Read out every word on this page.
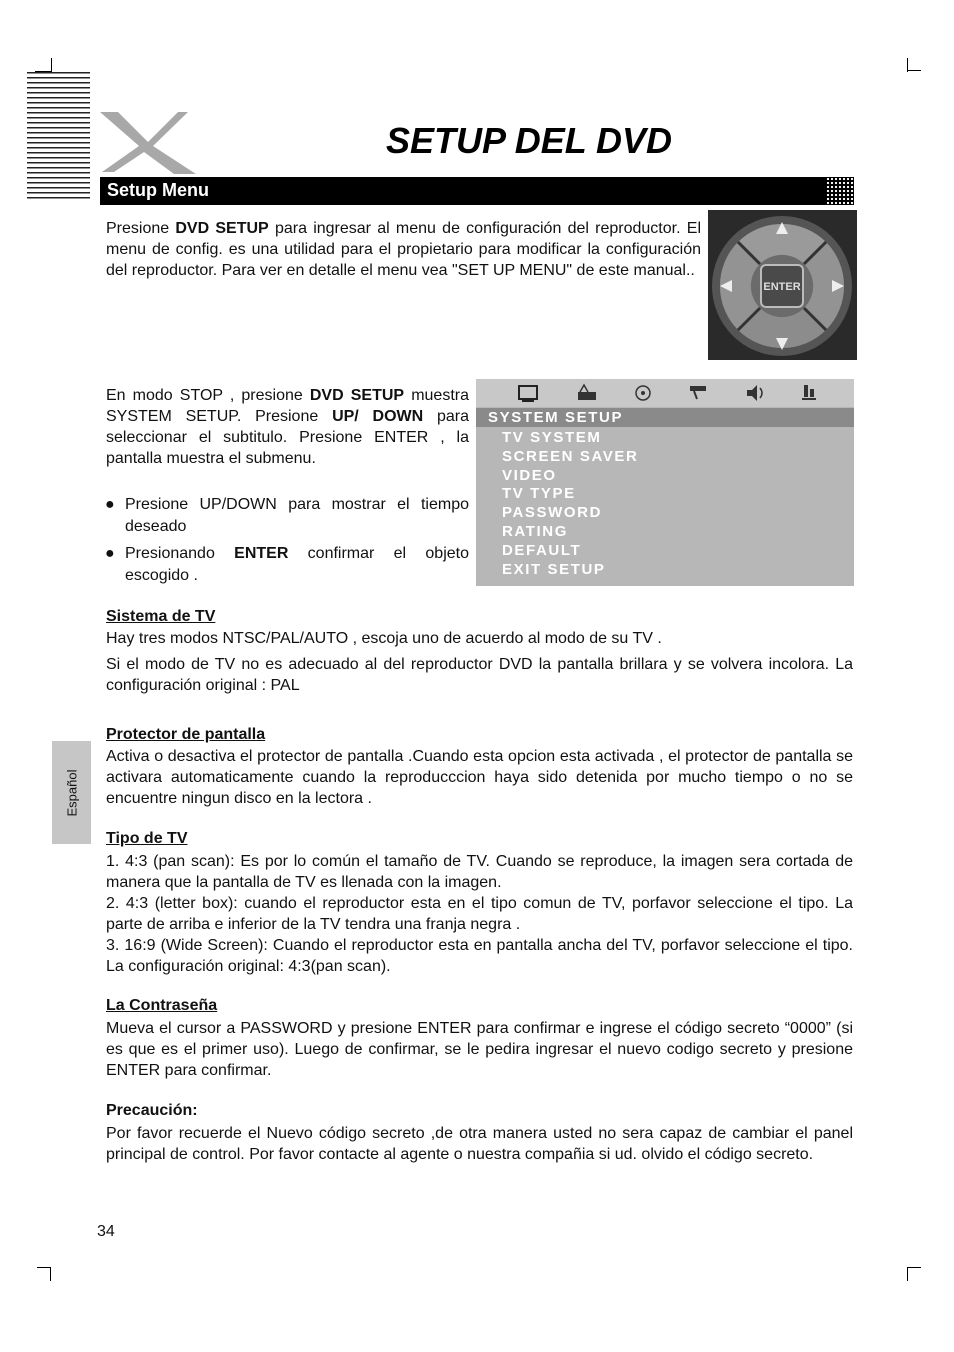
SETUP DEL DVD
Setup Menu
Presione DVD SETUP para ingresar al menu de configuración del reproductor. El menu de config. es una utilidad para el propietario para modificar la configuración del reproductor. Para ver en detalle el menu vea "SET UP MENU" de este manual..
ENTER
En modo STOP , presione DVD SETUP muestra SYSTEM SETUP. Presione UP/ DOWN para seleccionar el subtitulo. Presione ENTER , la pantalla muestra el submenu.
● Presione UP/DOWN para mostrar el tiempo deseado
● Presionando ENTER confirmar el objeto escogido .
SYSTEM SETUP
TV SYSTEM
SCREEN SAVER
VIDEO
TV TYPE
PASSWORD
RATING
DEFAULT
EXIT SETUP
Sistema de TV
Hay tres modos NTSC/PAL/AUTO , escoja uno de acuerdo al modo de su TV .
Si el modo de TV no es adecuado al del reproductor DVD la pantalla brillara y se volvera incolora. La configuración original : PAL
Protector de pantalla
Activa o desactiva el protector de pantalla .Cuando esta opcion esta activada , el protector de pantalla se activara automaticamente cuando la reproducccion haya sido detenida por mucho tiempo o no se encuentre ningun disco en la lectora .
Tipo de TV
1. 4:3 (pan scan): Es por lo común el tamaño de TV. Cuando se reproduce, la imagen sera cortada de manera que la pantalla de TV es llenada con la imagen.
2. 4:3 (letter box): cuando el reproductor esta en el tipo comun de TV, porfavor seleccione el tipo. La parte de arriba e inferior de la TV tendra una franja negra .
3. 16:9 (Wide Screen): Cuando el reproductor esta en pantalla ancha del TV, porfavor seleccione el tipo. La configuración original: 4:3(pan scan).
La Contraseña
Mueva el cursor a PASSWORD y presione ENTER para confirmar e ingrese el código secreto “0000” (si es que es el primer uso). Luego de confirmar, se le pedira ingresar el nuevo codigo secreto y presione ENTER para confirmar.
Precaución:
Por favor recuerde el Nuevo código secreto ,de otra manera usted no sera capaz de cambiar el panel principal de control. Por favor contacte al agente o nuestra compañia si ud. olvido el código secreto.
Español
34
